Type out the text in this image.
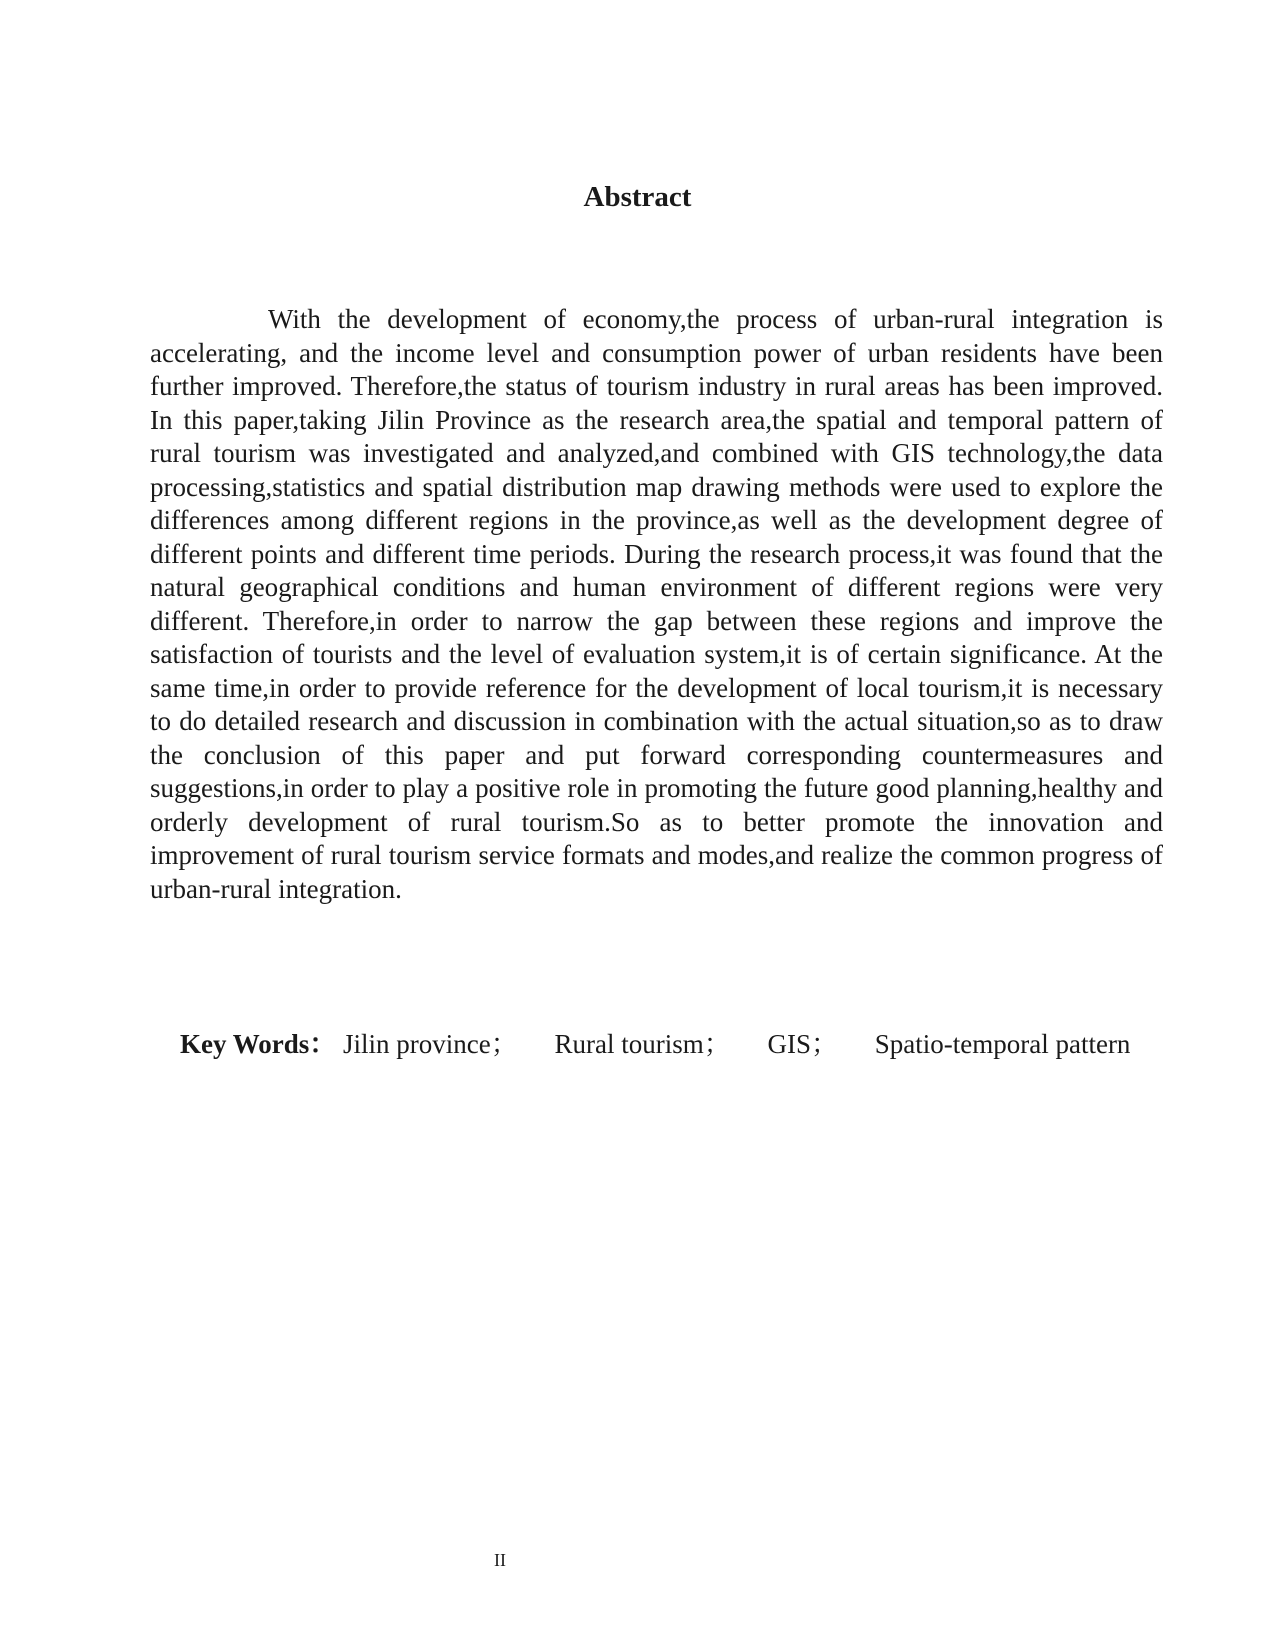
Abstract

With the development of economy,the process of urban-rural integration is accelerating, and the income level and consumption power of urban residents have been further improved. Therefore,the status of tourism industry in rural areas has been improved. In this paper,taking Jilin Province as the research area,the spatial and temporal pattern of rural tourism was investigated and analyzed,and combined with GIS technology,the data processing,statistics and spatial distribution map drawing methods were used to explore the differences among different regions in the province,as well as the development degree of different points and different time periods. During the research process,it was found that the natural geographical conditions and human environment of different regions were very different. Therefore,in order to narrow the gap between these regions and improve the satisfaction of tourists and the level of evaluation system,it is of certain significance. At the same time,in order to provide reference for the development of local tourism,it is necessary to do detailed research and discussion in combination with the actual situation,so as to draw the conclusion of this paper and put forward corresponding countermeasures and suggestions,in order to play a positive role in promoting the future good planning,healthy and orderly development of rural tourism.So as to better promote the innovation and improvement of rural tourism service formats and modes,and realize the common progress of urban-rural integration.

Key Words： Jilin province； Rural tourism； GIS； Spatio-temporal pattern

II
